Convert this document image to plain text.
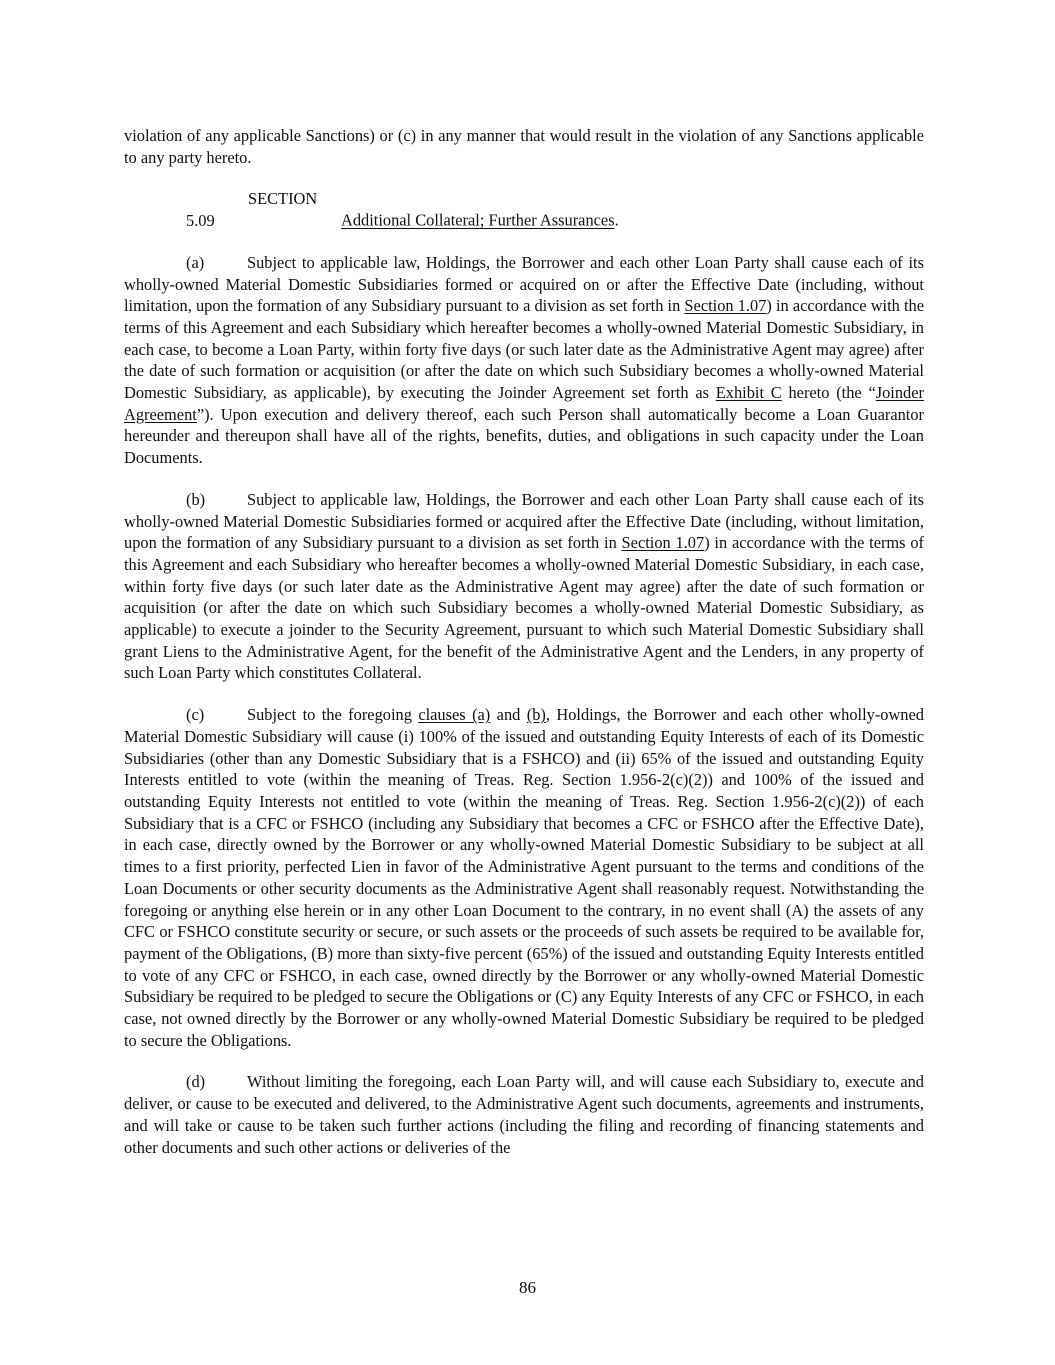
violation of any applicable Sanctions) or (c) in any manner that would result in the violation of any Sanctions applicable to any party hereto.

SECTION 5.09	Additional Collateral; Further Assurances.

(a)	Subject to applicable law, Holdings, the Borrower and each other Loan Party shall cause each of its wholly-owned Material Domestic Subsidiaries formed or acquired on or after the Effective Date (including, without limitation, upon the formation of any Subsidiary pursuant to a division as set forth in Section 1.07) in accordance with the terms of this Agreement and each Subsidiary which hereafter becomes a wholly-owned Material Domestic Subsidiary, in each case, to become a Loan Party, within forty five days (or such later date as the Administrative Agent may agree) after the date of such formation or acquisition (or after the date on which such Subsidiary becomes a wholly-owned Material Domestic Subsidiary, as applicable), by executing the Joinder Agreement set forth as Exhibit C hereto (the “Joinder Agreement”). Upon execution and delivery thereof, each such Person shall automatically become a Loan Guarantor hereunder and thereupon shall have all of the rights, benefits, duties, and obligations in such capacity under the Loan Documents.

(b)	Subject to applicable law, Holdings, the Borrower and each other Loan Party shall cause each of its wholly-owned Material Domestic Subsidiaries formed or acquired after the Effective Date (including, without limitation, upon the formation of any Subsidiary pursuant to a division as set forth in Section 1.07) in accordance with the terms of this Agreement and each Subsidiary who hereafter becomes a wholly-owned Material Domestic Subsidiary, in each case, within forty five days (or such later date as the Administrative Agent may agree) after the date of such formation or acquisition (or after the date on which such Subsidiary becomes a wholly-owned Material Domestic Subsidiary, as applicable) to execute a joinder to the Security Agreement, pursuant to which such Material Domestic Subsidiary shall grant Liens to the Administrative Agent, for the benefit of the Administrative Agent and the Lenders, in any property of such Loan Party which constitutes Collateral.

(c)	Subject to the foregoing clauses (a) and (b), Holdings, the Borrower and each other wholly-owned Material Domestic Subsidiary will cause (i) 100% of the issued and outstanding Equity Interests of each of its Domestic Subsidiaries (other than any Domestic Subsidiary that is a FSHCO) and (ii) 65% of the issued and outstanding Equity Interests entitled to vote (within the meaning of Treas. Reg. Section 1.956-2(c)(2)) and 100% of the issued and outstanding Equity Interests not entitled to vote (within the meaning of Treas. Reg. Section 1.956-2(c)(2)) of each Subsidiary that is a CFC or FSHCO (including any Subsidiary that becomes a CFC or FSHCO after the Effective Date), in each case, directly owned by the Borrower or any wholly-owned Material Domestic Subsidiary to be subject at all times to a first priority, perfected Lien in favor of the Administrative Agent pursuant to the terms and conditions of the Loan Documents or other security documents as the Administrative Agent shall reasonably request. Notwithstanding the foregoing or anything else herein or in any other Loan Document to the contrary, in no event shall (A) the assets of any CFC or FSHCO constitute security or secure, or such assets or the proceeds of such assets be required to be available for, payment of the Obligations, (B) more than sixty-five percent (65%) of the issued and outstanding Equity Interests entitled to vote of any CFC or FSHCO, in each case, owned directly by the Borrower or any wholly-owned Material Domestic Subsidiary be required to be pledged to secure the Obligations or (C) any Equity Interests of any CFC or FSHCO, in each case, not owned directly by the Borrower or any wholly-owned Material Domestic Subsidiary be required to be pledged to secure the Obligations.

(d)	Without limiting the foregoing, each Loan Party will, and will cause each Subsidiary to, execute and deliver, or cause to be executed and delivered, to the Administrative Agent such documents, agreements and instruments, and will take or cause to be taken such further actions (including the filing and recording of financing statements and other documents and such other actions or deliveries of the

86
